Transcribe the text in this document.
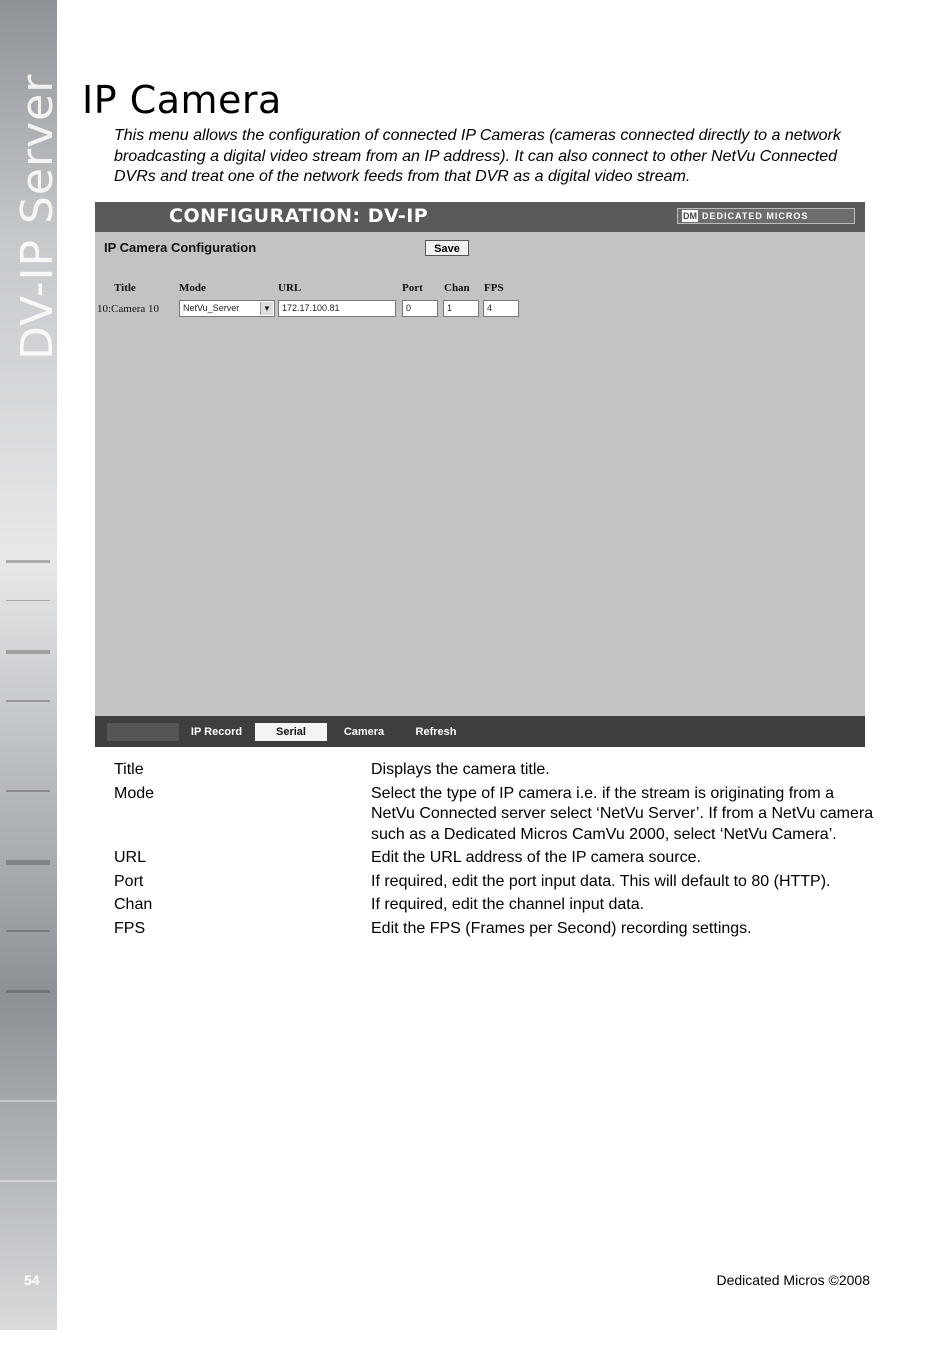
DV-IP Server
54
IP Camera
This menu allows the configuration of connected IP Cameras (cameras connected directly to a network broadcasting a digital video stream from an IP address). It can also connect to other NetVu Connected DVRs and treat one of the network feeds from that DVR as a digital video stream.
CONFIGURATION: DV-IP	DM DEDICATED MICROS
IP Camera Configuration	Save
Title	Mode	URL	Port Chan FPS
10:Camera 10	NetVu_Server	▼	172.17.100.81	0	1	4
IP Record	Serial	Camera	Refresh
Title	Displays the camera title.
Mode	Select the type of IP camera i.e. if the stream is originating from a NetVu Connected server select ‘NetVu Server’. If from a NetVu camera such as a Dedicated Micros CamVu 2000, select ‘NetVu Camera’.
URL	Edit the URL address of the IP camera source.
Port	If required, edit the port input data. This will default to 80 (HTTP).
Chan	If required, edit the channel input data.
FPS	Edit the FPS (Frames per Second) recording settings.
Dedicated Micros ©2008
